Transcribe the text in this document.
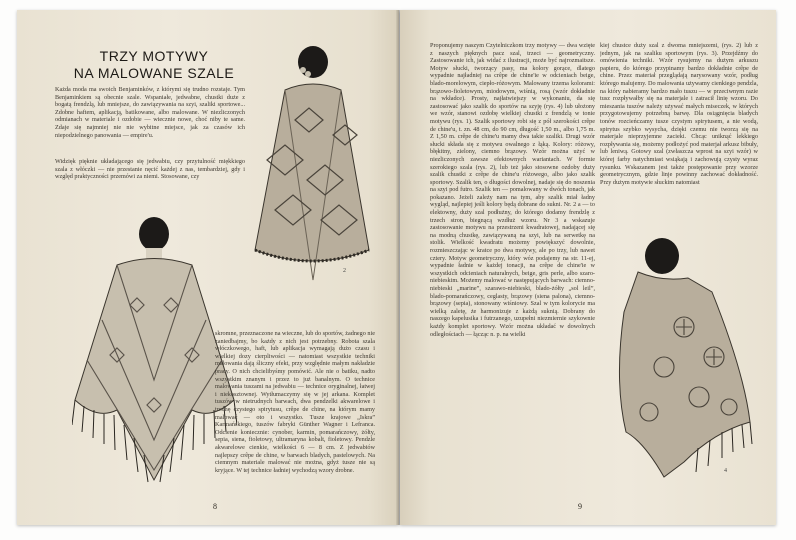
TRZY MOTYWY
NA MALOWANE SZALE
Każda moda ma swoich Benjaminków, z którymi się trudno rozstaje. Tym Benjaminkiem są obecnie szale. Wspaniałe, jedwabne, chustki duże z bogatą frendzlą, lub mniejsze, do zawiązywania na szyi, szaliki sportowe... Zdobne haftem, aplikacją, batikowane, albo malowane. W niezliczonych odmianach w materiale i ozdobie — wiecznie nowe, choć niby te same. Zdaje się najmniej nie nie wybitne miejsce, jak za czasów ich niepodzielnego panowania — empire'u.
Widzięk pięknie układającego się jedwabiu, czy przytulność miękkiego szala z włóczki — nie przestanie nęcić każdej z nas, tembardziej, gdy i względ praktyczności przemówi za niemi. Stosowane, czy
2
skromne, przeznaczone na wieczne, lub do sportów, żadnego nie zaniedbajmy, bo każdy z nich jest potrzebny. Robota szala włóczkowego, haft, lub aplikacja wymagają dużo czasu i wielkiej dozy cierpliwości — natomiast wszystkie techniki malowania dają śliczny efekt, przy względnie małym nakładzie pracy. O nich chcielibyśmy pomówić. Ale nie o batiku, nadto wszystkim znanym i przez to już banalnym. O technice malowania tuszami na jedwabiu — technice oryginalnej, łatwej i niekosztownej. Wytłumaczymy się w jej arkana. Komplet tuszów w nietrudnych barwach, dwa pendzelki akwarelowe i trochę czystego spirytusu, crêpe de chine, na którym mamy malować — oto i wszystko. Tusze krajowe „Iskra” Karmańskiego, tuszów fabryki Günther Wagner i Lefranca. Odcienie koniecznie: cynober, karmin, pomarańczowy, żółty, sepia, siena, fioletowy, ultramaryna kobalt, fioletowy. Pendzle akwarelowe cienkie, wielkości 6 — 8 cm. Z jedwabiów najlepszy crêpe de chine, w barwach bladych, pastelowych. Na ciemnym materiale malować nie można, gdyż tusze nie są kryjące. W tej technice ładniej wychodzą wzory drobne.
8
Proponujemy naszym Czytelniczkom trzy motywy — dwa wzięte z naszych pięknych pacz szal, trzeci — geometryczny. Zastosowanie ich, jak widać z ilustracji, może być najrozmaitsze. Motyw słucki, tworzący pasy, ma kolory gorące, dlatego wypadnie najładniej na crêpe de chine'ie w odcieniach beige, blado-morelowym, ciepło-różowym. Malowany trzema kolorami: brązowo-fioletowym, miodowym, wiśnią, rosą (wzór dokładnie na wkładce). Prosty, najłatwiejszy w wykonaniu, da się zastosować jako szalik do sportów na szyję (rys. 4) lub ułożony we wzór, stanowi ozdobę wielkiej chustki z frendzlą w tonie motywu (rys. 1). Szalik sportowy robi się z pół szerokości crêpe de chine'u, t. zn. 48 cm, do 90 cm, długość 1,50 m., albo 1,75 m. Z 1,50 m. crêpe de chine'u mamy dwa takie szaliki. Drugi wzór słucki składa się z motywu owalnego z łąką. Kolory: różowy, błękitny, zielony, ciemno brązowy. Wzór można użyć w niezliczonych zawsze efektownych wariantach. W formie szerokiego szala (rys. 2), lub też jako stosowne ozdoby duży szalik chustki z crêpe de chine'u różowego, albo jako szalik sportowy. Szalik ten, o długości dowolnej, nadaje się do noszenia na szyi pod futro. Szalik ten — pomalowany w dwóch tonach, jak pokazano. Jeżeli zależy nam na tym, aby szalik miał ładny wygląd, najlepiej jeśli kolory będą dobrane do sukni. Nr. 2 a — to elektowny, duży szal podłużny, do którego dodamy frendzlę z trzech stron, biegnącą wzdłuż wzoru. Nr 3 a wskazuje zastosowanie motywu na przestrzeni kwadratowej, nadającej się na modną chustkę, zawiązywaną na szyi, lub na serwetkę na stolik. Wielkość kwadratu możemy powiększyć dowolnie, rozmieszczając w kratce po dwa motywy, ale po trzy, lub nawet cztery. Motyw geometryczny, który wóz podajemy na str. 11-ej, wypadnie ładnie w każdej tonacji, na crêpe de chine'ie w wszystkich odcieniach naturalnych, beige, gris perle, albo szaro-niebieskim. Możemy malować w następujących barwach: ciemno-niebieski „marine”, szarawo-niebieski, blado-żółty „sol leil”, blado-pomarańczowy, ceglasty, brązowy (siena palona), ciemno-brązowy (sepia), stonowany wiśniowy. Szal w tym kolorycie ma wielką zaletę, że harmonizuje z każdą suknią. Dobrany do naszego kapelusika i futrzanego, uzupełni niezmiernie szykownie każdy komplet sportowy. Wzór można układać w dowolnych odległościach — łącząc n. p. na wielki
kiej chustce duży szal z dwoma mniejszemi, (rys. 2) lub z jednym, jak na szaliku sportowym (rys. 3). Przejdźmy do omówienia techniki. Wzór rysujemy na dużym arkuszu papieru, do którego przypinamy bardzo dokładnie crêpe de chine. Przez materiał przeglądają narysowany wzór, podług którego malujemy. Do malowania używamy cienkiego pendzla, na który nabieramy bardzo mało tuszu — w przeciwnym razie tusz rozpływałby się na materjale i zatracił linię wzoru. Do mieszania tuszów należy używać małych miseczek, w których przygotowujemy potrzebną barwę. Dla osiągnięcia bladych tonów rozcieńczamy tusze czystym spirytusem, a nie wodą, spirytus szybko wysycha, dzięki czemu nie tworzą się na materjale nieprzyjemne zacieki. Chcąc uniknąć lekkiego rozpływania się, możemy podłożyć pod materjał arkusz bibuły, lub leniwą. Gotowy szal (zwłaszcza wprost na szyi wzór) w której farby natychmiast wsiąkają i zachowują czysty wyraz rysunku. Wskazanem jest także postępowanie przy wzorze geometrycznym, gdzie linje powinny zachować dokładność. Przy dużym motywie słuckim natomiast
4
9
